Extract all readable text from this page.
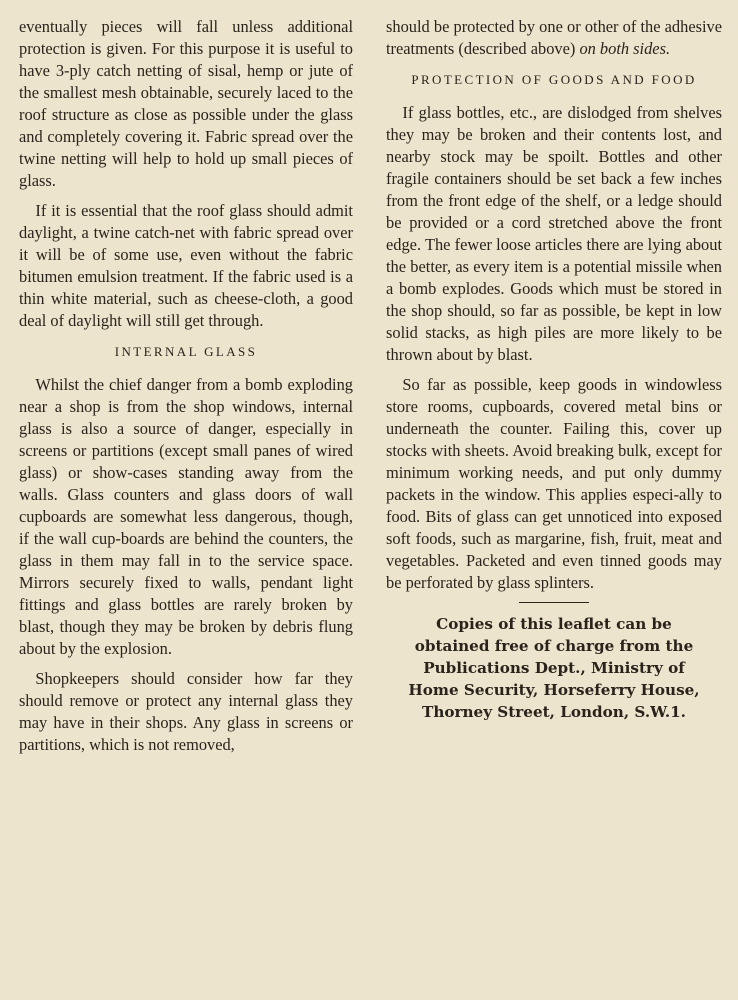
eventually pieces will fall unless additional protection is given. For this purpose it is useful to have 3-ply catch netting of sisal, hemp or jute of the smallest mesh obtainable, securely laced to the roof structure as close as possible under the glass and completely covering it. Fabric spread over the twine netting will help to hold up small pieces of glass.

If it is essential that the roof glass should admit daylight, a twine catch-net with fabric spread over it will be of some use, even without the fabric bitumen emulsion treatment. If the fabric used is a thin white material, such as cheese-cloth, a good deal of daylight will still get through.

INTERNAL GLASS

Whilst the chief danger from a bomb exploding near a shop is from the shop windows, internal glass is also a source of danger, especially in screens or partitions (except small panes of wired glass) or show-cases standing away from the walls. Glass counters and glass doors of wall cupboards are somewhat less dangerous, though, if the wall cup-boards are behind the counters, the glass in them may fall in to the service space. Mirrors securely fixed to walls, pendant light fittings and glass bottles are rarely broken by blast, though they may be broken by debris flung about by the explosion.

Shopkeepers should consider how far they should remove or protect any internal glass they may have in their shops. Any glass in screens or partitions, which is not removed,

should be protected by one or other of the adhesive treatments (described above) on both sides.

PROTECTION OF GOODS AND FOOD

If glass bottles, etc., are dislodged from shelves they may be broken and their contents lost, and nearby stock may be spoilt. Bottles and other fragile containers should be set back a few inches from the front edge of the shelf, or a ledge should be provided or a cord stretched above the front edge. The fewer loose articles there are lying about the better, as every item is a potential missile when a bomb explodes. Goods which must be stored in the shop should, so far as possible, be kept in low solid stacks, as high piles are more likely to be thrown about by blast.

So far as possible, keep goods in windowless store rooms, cupboards, covered metal bins or underneath the counter. Failing this, cover up stocks with sheets. Avoid breaking bulk, except for minimum working needs, and put only dummy packets in the window. This applies especi-ally to food. Bits of glass can get unnoticed into exposed soft foods, such as margarine, fish, fruit, meat and vegetables. Packeted and even tinned goods may be perforated by glass splinters.

Copies of this leaflet can be
obtained free of charge from the
Publications Dept., Ministry of
Home Security, Horseferry House,
Thorney Street, London, S.W.1.
